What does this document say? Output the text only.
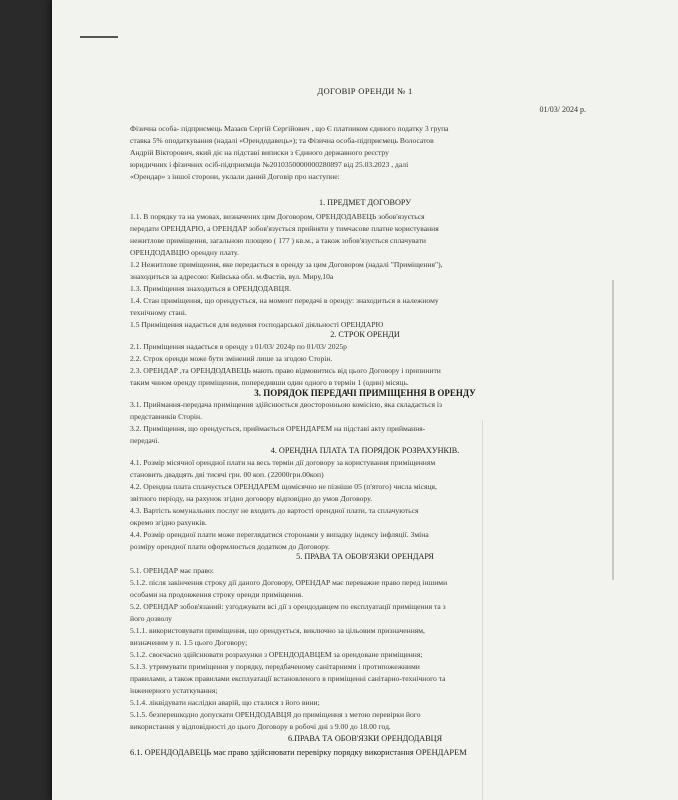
ДОГОВІР ОРЕНДИ № 1
01/03/ 2024 р.
Фізична особа- підприємець Мазаєв Сергій Сергійович , що Є платником єдиного податку 3 група
ставка 5% оподаткування (надалі «Орендодавець»); та Фізична особа-підприємець Волосатов
Андрій Вікторович, який діє на підставі виписки з Єдиного державного реєстру
юридичних і фізичних осіб-підприємців №2010350000000280897 від 25.03.2023 , далі
«Орендар» з іншої сторони, уклали даний Договір про наступне:
1. ПРЕДМЕТ ДОГОВОРУ
1.1. В порядку та на умовах, визначених цим Договором, ОРЕНДОДАВЕЦЬ зобов'язується
передати ОРЕНДАРЮ, а ОРЕНДАР зобов'язується прийняти у тимчасове платне користування
нежитлове приміщення, загальною площею ( 177 ) кв.м., а також зобов'язується сплачувати
ОРЕНДОДАВЦЮ орендну плату.
1.2 Нежитлове приміщення, яке передається в оренду за цим Договором (надалі "Приміщення"),
знаходиться за адресою: Київська обл. м.Фастів, вул. Миру,10а
1.3. Приміщення знаходиться в ОРЕНДОДАВЦЯ.
1.4. Стан приміщення, що орендується, на момент передачі в оренду: знаходиться в належному
технічному стані.
1.5 Приміщення надається для ведення господарської діяльності ОРЕНДАРЮ
2. СТРОК ОРЕНДИ
2.1. Приміщення надається в оренду з 01/03/ 2024р по 01/03/ 2025р
2.2. Строк оренди може бути змінений лише за згодою Сторін.
2.3. ОРЕНДАР ,та ОРЕНДОДАВЕЦЬ мають право відмовитись від цього Договору і припинити
таким чином оренду приміщення, попередивши один одного в термін 1 (один) місяць.
3. ПОРЯДОК ПЕРЕДАЧІ ПРИМІЩЕННЯ В ОРЕНДУ
3.1. Приймання-передача приміщення здійснюється двосторонньою комісією, яка складається із
представників Сторін.
3.2. Приміщення, що орендується, приймається ОРЕНДАРЕМ на підставі акту приймання-
передачі.
4. ОРЕНДНА ПЛАТА ТА ПОРЯДОК РОЗРАХУНКІВ.
4.1. Розмір місячної орендної плати на весь термін дії договору за користування приміщенням
становить двадцять дві тисячі грн. 00 коп. (22000грн.00коп)
4.2. Орендна плата сплачується ОРЕНДАРЕМ щомісячно не пізніше 05 (п'ятого) числа місяця,
звітного періоду, на рахунок згідно договору відповідно до умов Договору.
4.3. Вартість комунальних послуг не входить до вартості орендної плати, та сплачуються
окремо згідно рахунків.
4.4. Розмір орендної плати може переглядатися сторонами у випадку індексу інфляції. Зміна
розміру орендної плати оформлюється додатком до Договору.
5. ПРАВА ТА ОБОВ'ЯЗКИ ОРЕНДАРЯ
5.1. ОРЕНДАР має право:
5.1.2. після закінчення строку дії даного Договору, ОРЕНДАР має переважне право перед іншими
особами на продовження строку оренди приміщення.
5.2. ОРЕНДАР зобов'язаний: узгоджувати всі дії з орендодавцем по експлуатації приміщення та з
його дозволу
5.1.1. використовувати приміщення, що орендується, виключно за цільовим призначенням,
визначеним у п. 1.5 цього Договору;
5.1.2. своєчасно здійснювати розрахунки з ОРЕНДОДАВЦЕМ за орендоване приміщення;
5.1.3. утримувати приміщення у порядку, передбаченому санітарними і протипожежними
правилами, а також правилами експлуатації встановленого в приміщенні санітарно-технічного та
інженерного устаткування;
5.1.4. ліквідувати наслідки аварій, що сталися з його вини;
5.1.5. безперешкодно допускати ОРЕНДОДАВЦЯ до приміщення з метою перевірки його
використання у відповідності до цього Договору в робочі дні з 9.00 до 18.00 год.
6.ПРАВА ТА ОБОВ'ЯЗКИ ОРЕНДОДАВЦЯ
6.1. ОРЕНДОДАВЕЦЬ має право здійснювати перевірку порядку використання ОРЕНДАРЕМ
